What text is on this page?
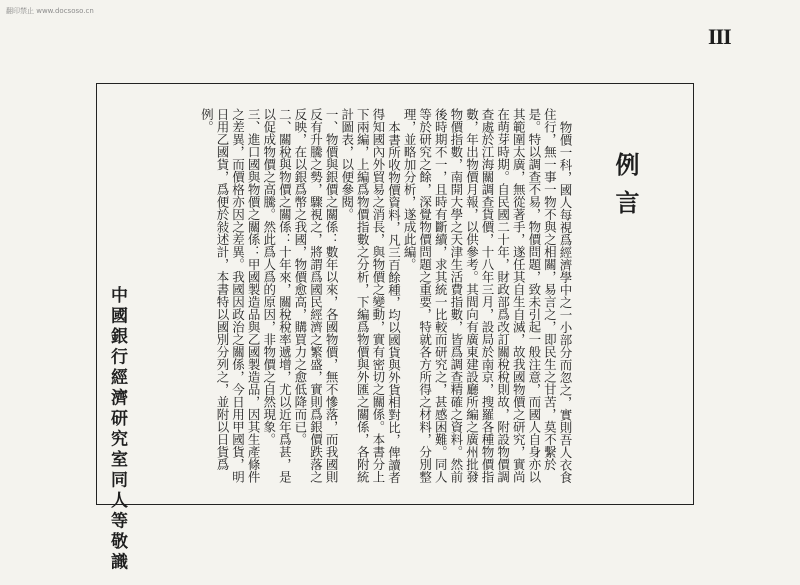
翻印禁止 www.docsoso.cn
III
例言

物價一科，國人每視爲經濟學中之一小部分而忽之，實則吾人衣食住行，無一事一物不與之相關，易言之，即民生之甘苦，莫不繫於是。特以調查不易，物價問題，致未引起一般注意，而國人自身亦以其範圍太廣，無從著手，遂任其自生自滅，故我國物價之研究，實尚在萌芽時期。自民國二十年，財政部爲改訂關稅稅則故，附設物價調查處於江海關調查貨價，十八年三月，設局於南京，搜羅各種物價指數，年出物價月報，以供參考。其間向有廣東建設廳所編之廣州批發物價指數，南開大學之天津生活費指數，皆爲調查精確之資料。然前後時期不一，且時有斷續，求其統一比較而研究之，甚感困難。同人等於研究之餘，深覺物價問題之重要，特就各方所得之材料，分別整理，並略加分析，遂成此編。

本書所收物價資料，凡三百餘種，均以國貨與外貨相對比，俾讀者得知國內外貿易之消長，與物價之變動，實有密切之關係。本書分上下兩編，上編爲物價指數之分析，下編爲物價與外匯之關係，各附統計圖表，以便參閱。

一、物價與銀價之關係：數年以來，各國物價，無不慘落，而我國則反有升騰之勢，驟視之，將謂爲國民經濟之繁盛，實則爲銀價跌落之反映，在以銀爲幣之我國，物價愈高，購買力之愈低降而已。

二、關稅與物價之關係：十年來，關稅稅率遞增，尤以近年爲甚，是以促成物價之高騰。然此爲人爲的原因，非物價之自然現象。

三、進口國與物價之關係：甲國製造品與乙國製造品，因其生產條件之差異，而價格亦因之差異。我國因政治之關係，今日用甲國貨，明日用乙國貨，爲便於敍述計，本書特以國別分列之，並附以日貨爲例。

中國銀行經濟研究室同人等敬識
